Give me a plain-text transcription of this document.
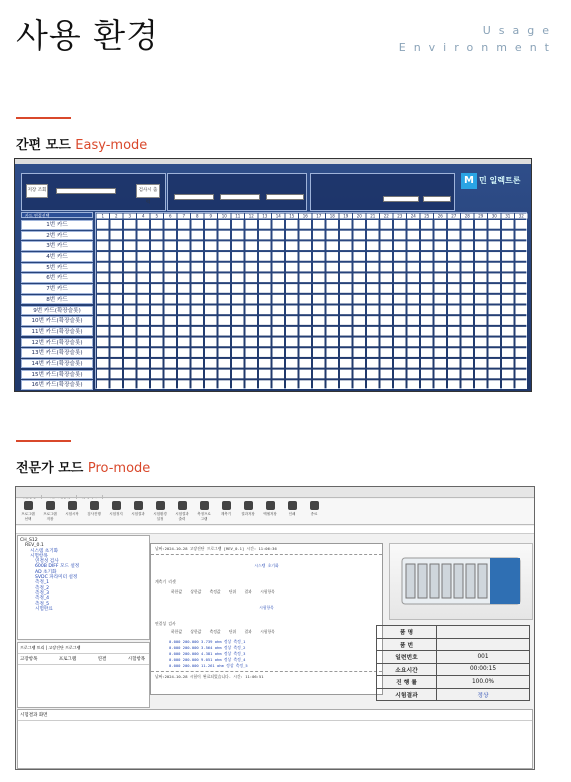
사용 환경	Usage
Environment
간편 모드 Easy-mode
저장 조회	검사시 출력
M 민 일렉트론
카드 연결선택
1번 카드
2번 카드
3번 카드
4번 카드
5번 카드
6번 카드
7번 카드
8번 카드
9번 카드(확장슬롯)
10번 카드(확장슬롯)
11번 카드(확장슬롯)
12번 카드(확장슬롯)
13번 카드(확장슬롯)
14번 카드(확장슬롯)
15번 카드(확장슬롯)
16번 카드(확장슬롯)
1	2	3	4	5	6	7	8	9 10 11 12 13 14 15 16 17 18 19 20 21 22 23 24 25 26 27 28 29 30 31 32
전문가 모드 Pro-mode
프로그램선택
프로그램저장
시험시작	검사진행	시험정지	시험결과	시험환경설정
시험결과출력
측정프로그램
계측기	결과저장	엑셀저장	인쇄	종료
CH_S12
REV_0.1
시스템 초기화
시험항목
연결성 검사
600B DIFF 모드 설정
AD 초기화
SVDC 파라미터 설정
측정_1
측정_2
측정_3
측정_4
측정_5
시험완료
날짜:2024-10-28 고장진단 프로그램 [REV_0.1] 시간: 11:06:36
시스템 초기화
계측기 리셋
하한값 상한값 측정값 단위 결과 시험항목
시험항목
연결성 검사
하한값 상한값 측정값 단위 결과 시험항목
0.000 200.000 3.739 ohm 정상 측정_1
0.000 200.000 3.564 ohm 정상 측정_2
0.000 200.000 4.381 ohm 정상 측정_3
0.000 200.000 9.051 ohm 정상 측정_4
0.000 200.000 11.261 ohm 정상 측정_5
날짜:2024-10-28 시험이 완료되었습니다. 시간: 11:06:51
품 명	
품 번	
일련번호	001
소요시간	00:00:15
진 행 률	100.0%
시험결과	정상
프로그램 트리 | 고장진단 프로그램
고장항목 프로그램 연결 시험항목
시험결과 화면
